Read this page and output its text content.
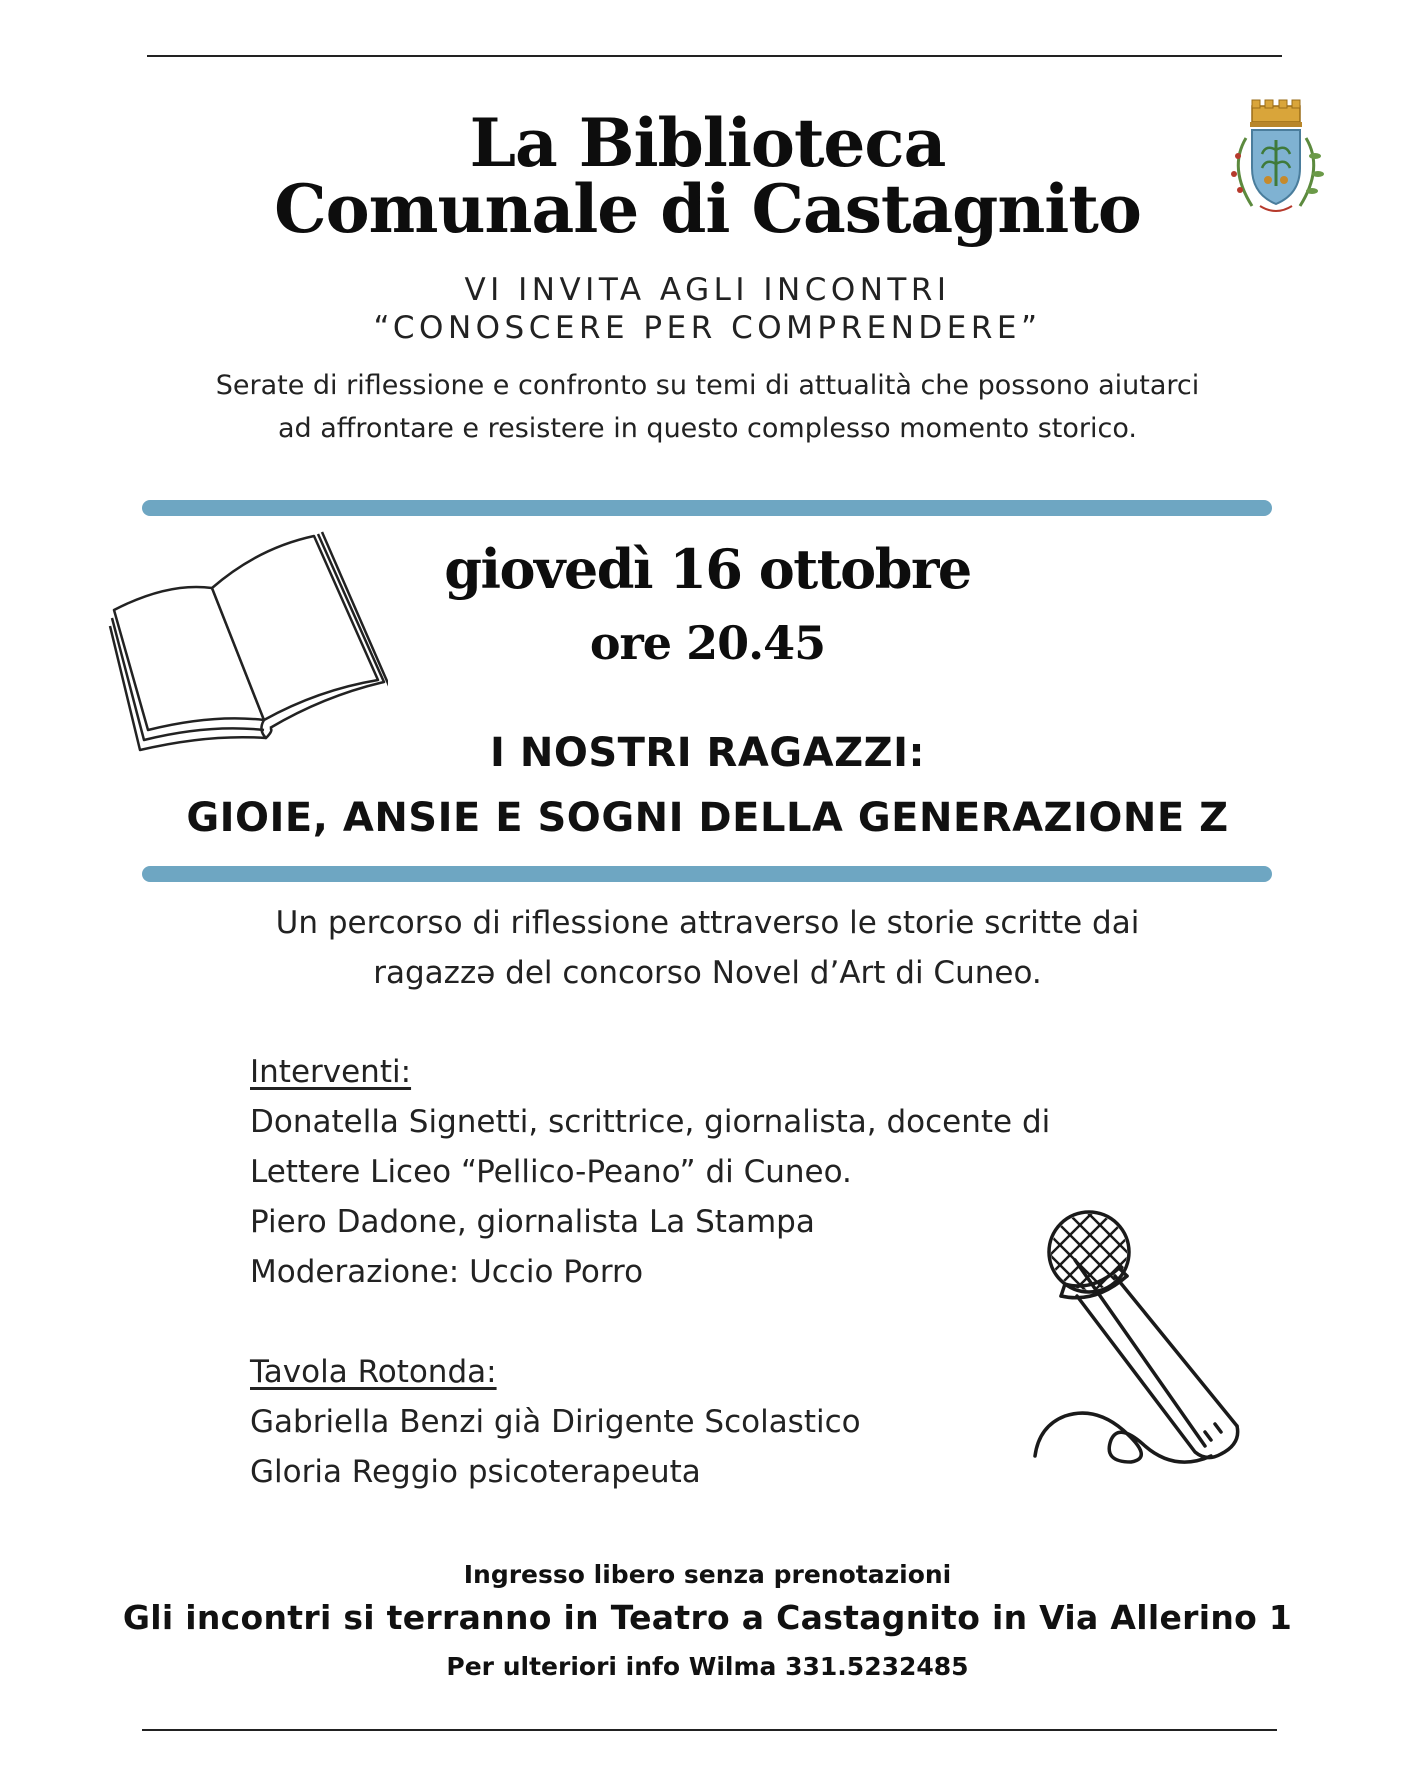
La Biblioteca
Comunale di Castagnito
VI INVITA AGLI INCONTRI
“CONOSCERE PER COMPRENDERE”
Serate di riflessione e confronto su temi di attualità che possono aiutarci
ad affrontare e resistere in questo complesso momento storico.
giovedì 16 ottobre
ore 20.45
I NOSTRI RAGAZZI:
GIOIE, ANSIE E SOGNI DELLA GENERAZIONE Z
Un percorso di riflessione attraverso le storie scritte dai
ragazzə del concorso Novel d’Art di Cuneo.
Interventi:
Donatella Signetti, scrittrice, giornalista, docente di
Lettere Liceo “Pellico-Peano” di Cuneo.
Piero Dadone, giornalista La Stampa
Moderazione: Uccio Porro
Tavola Rotonda:
Gabriella Benzi già Dirigente Scolastico
Gloria Reggio psicoterapeuta
Ingresso libero senza prenotazioni
Gli incontri si terranno in Teatro a Castagnito in Via Allerino 1
Per ulteriori info Wilma 331.5232485
